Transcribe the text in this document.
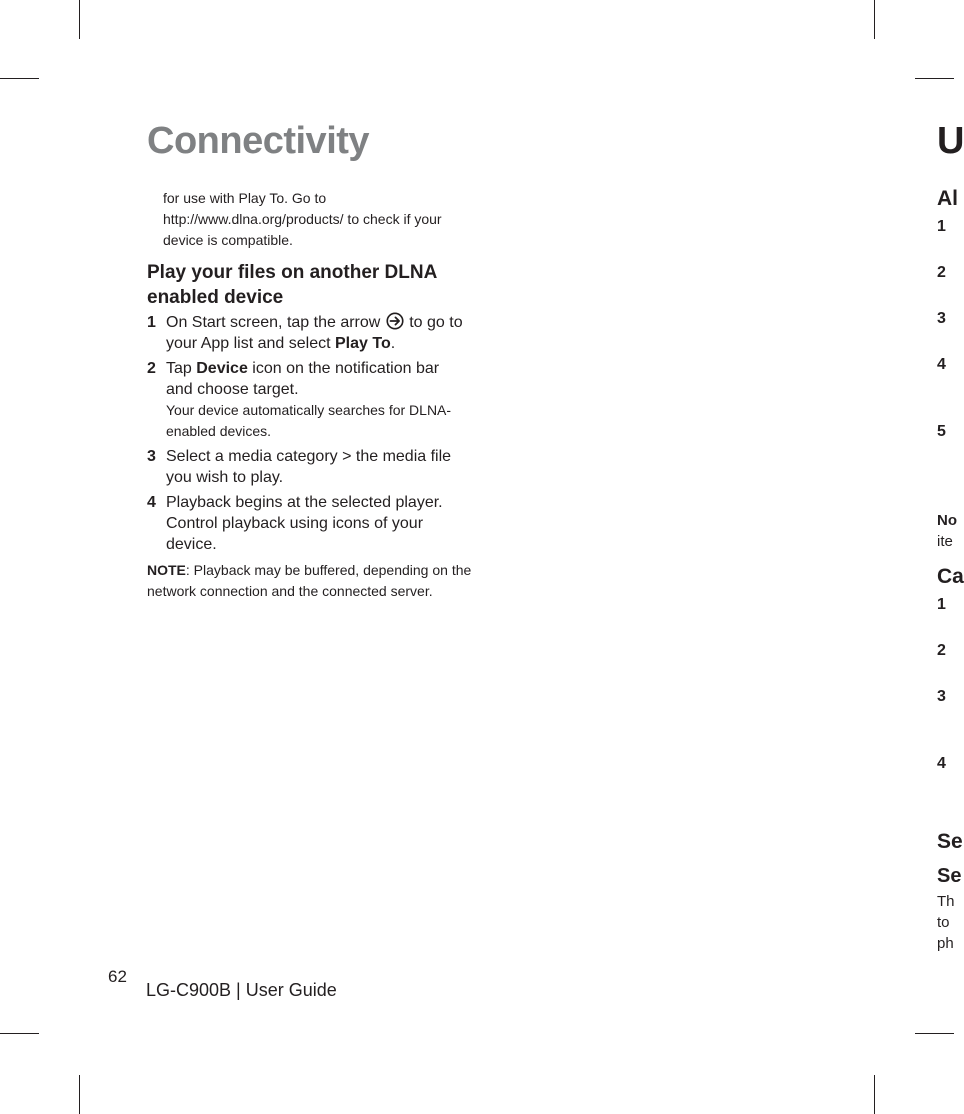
Connectivity
for use with Play To. Go to http://www.dlna.org/products/ to check if your device is compatible.
Play your files on another DLNA enabled device
1 On Start screen, tap the arrow to go to your App list and select Play To.
2 Tap Device icon on the notification bar and choose target.
Your device automatically searches for DLNA-enabled devices.
3 Select a media category > the media file you wish to play.
4 Playback begins at the selected player. Control playback using icons of your device.
NOTE: Playback may be buffered, depending on the network connection and the connected server.
62
LG-C900B | User Guide
U
Al
1
2
3
4
5
No
ite
Ca
1
2
3
4
Se
Se
Th
to
ph
